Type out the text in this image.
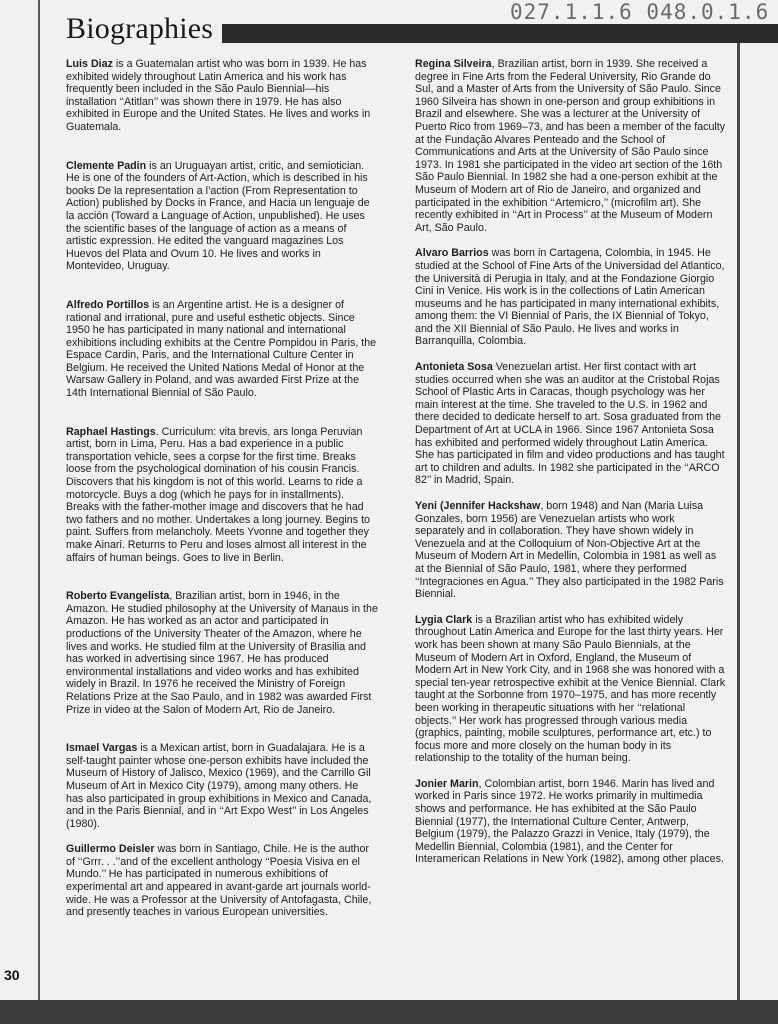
Biographies	027.1.1.6 048.0.1.6
30

Luis Diaz is a Guatemalan artist who was born in 1939. He has exhibited widely throughout Latin America and his work has frequently been included in the São Paulo Biennial—his installation ‘‘Atitlan’’ was shown there in 1979. He has also exhibited in Europe and the United States. He lives and works in Guatemala.

Clemente Padin is an Uruguayan artist, critic, and semiotician. He is one of the founders of Art-Action, which is described in his books De la representation a l’action (From Representation to Action) published by Docks in France, and Hacia un lenguaje de la acción (Toward a Language of Action, unpublished). He uses the scientific bases of the language of action as a means of artistic expression. He edited the vanguard magazines Los Huevos del Plata and Ovum 10. He lives and works in Montevideo, Uruguay.

Alfredo Portillos is an Argentine artist. He is a designer of rational and irrational, pure and useful esthetic objects. Since 1950 he has participated in many national and international exhibitions including exhibits at the Centre Pompidou in Paris, the Espace Cardin, Paris, and the International Culture Center in Belgium. He received the United Nations Medal of Honor at the Warsaw Gallery in Poland, and was awarded First Prize at the 14th International Biennial of São Paulo.

Raphael Hastings. Curriculum: vita brevis, ars longa Peruvian artist, born in Lima, Peru. Has a bad experience in a public transportation vehicle, sees a corpse for the first time. Breaks loose from the psychological domination of his cousin Francis. Discovers that his kingdom is not of this world. Learns to ride a motorcycle. Buys a dog (which he pays for in installments). Breaks with the father-mother image and discovers that he had two fathers and no mother. Undertakes a long journey. Begins to paint. Suffers from melancholy. Meets Yvonne and together they make Ainari. Returns to Peru and loses almost all interest in the affairs of human beings. Goes to live in Berlin.

Roberto Evangelista, Brazilian artist, born in 1946, in the Amazon. He studied philosophy at the University of Manaus in the Amazon. He has worked as an actor and participated in productions of the University Theater of the Amazon, where he lives and works. He studied film at the University of Brasilia and has worked in advertising since 1967. He has produced environmental installations and video works and has exhibited widely in Brazil. In 1976 he received the Ministry of Foreign Relations Prize at the Sao Paulo, and in 1982 was awarded First Prize in video at the Salon of Modern Art, Rio de Janeiro.

Ismael Vargas is a Mexican artist, born in Guadalajara. He is a self-taught painter whose one-person exhibits have included the Museum of History of Jalisco, Mexico (1969), and the Carrillo Gil Museum of Art in Mexico City (1979), among many others. He has also participated in group exhibitions in Mexico and Canada, and in the Paris Biennial, and in ‘‘Art Expo West’’ in Los Angeles (1980).

Guillermo Deisler was born in Santiago, Chile. He is the author of ‘‘Grrr. . .’’and of the excellent anthology ‘‘Poesia Visiva en el Mundo.’’ He has participated in numerous exhibitions of experimental art and appeared in avant-garde art journals world-wide. He was a Professor at the University of Antofagasta, Chile, and presently teaches in various European universities.

Regina Silveira, Brazilian artist, born in 1939. She received a degree in Fine Arts from the Federal University, Rio Grande do Sul, and a Master of Arts from the University of São Paulo. Since 1960 Silveira has shown in one-person and group exhibitions in Brazil and elsewhere. She was a lecturer at the University of Puerto Rico from 1969–73, and has been a member of the faculty at the Fundação Alvares Penteado and the School of Communications and Arts at the University of São Paulo since 1973. In 1981 she participated in the video art section of the 16th São Paulo Biennial. In 1982 she had a one-person exhibit at the Museum of Modern art of Rio de Janeiro, and organized and participated in the exhibition ‘‘Artemicro,’’ (microfilm art). She recently exhibited in ‘‘Art in Process’’ at the Museum of Modern Art, São Paulo.

Alvaro Barrios was born in Cartagena, Colombia, in 1945. He studied at the School of Fine Arts of the Universidad del Atlantico, the Università di Perugia in Italy, and at the Fondazione Giorgio Cini in Venice. His work is in the collections of Latin American museums and he has participated in many international exhibits, among them: the VI Biennial of Paris, the IX Biennial of Tokyo, and the XII Biennial of São Paulo. He lives and works in Barranquilla, Colombia.

Antonieta Sosa Venezuelan artist. Her first contact with art studies occurred when she was an auditor at the Cristobal Rojas School of Plastic Arts in Caracas, though psychology was her main interest at the time. She traveled to the U.S. in 1962 and there decided to dedicate herself to art. Sosa graduated from the Department of Art at UCLA in 1966. Since 1967 Antonieta Sosa has exhibited and performed widely throughout Latin America. She has participated in film and video productions and has taught art to children and adults. In 1982 she participated in the ‘‘ARCO 82’’ in Madrid, Spain.

Yeni (Jennifer Hackshaw, born 1948) and Nan (Maria Luisa Gonzales, born 1956) are Venezuelan artists who work separately and in collaboration. They have shown widely in Venezuela and at the Colloquium of Non-Objective Art at the Museum of Modern Art in Medellin, Colombia in 1981 as well as at the Biennial of São Paulo, 1981, where they performed ‘‘Integraciones en Agua.’’ They also participated in the 1982 Paris Biennial.

Lygia Clark is a Brazilian artist who has exhibited widely throughout Latin America and Europe for the last thirty years. Her work has been shown at many São Paulo Biennials, at the Museum of Modern Art in Oxford, England, the Museum of Modern Art in New York City, and in 1968 she was honored with a special ten-year retrospective exhibit at the Venice Biennial. Clark taught at the Sorbonne from 1970–1975, and has more recently been working in therapeutic situations with her ‘‘relational objects.’’ Her work has progressed through various media (graphics, painting, mobile sculptures, performance art, etc.) to focus more and more closely on the human body in its relationship to the totality of the human being.

Jonier Marin, Colombian artist, born 1946. Marin has lived and worked in Paris since 1972. He works primarily in multimedia shows and performance. He has exhibited at the São Paulo Biennial (1977), the International Culture Center, Antwerp, Belgium (1979), the Palazzo Grazzi in Venice, Italy (1979), the Medellin Biennial, Colombia (1981), and the Center for Interamerican Relations in New York (1982), among other places.
